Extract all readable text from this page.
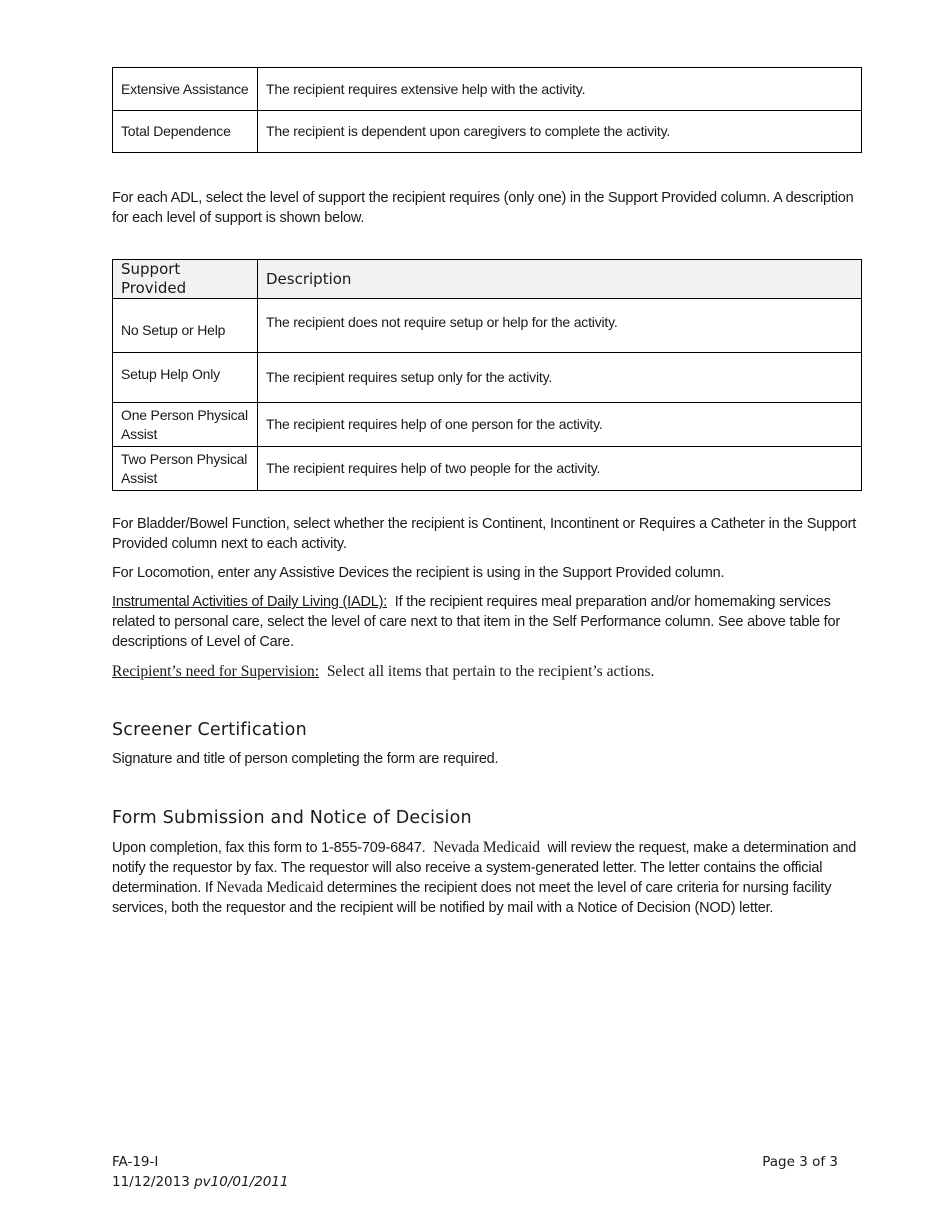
Extensive Assistance	The recipient requires extensive help with the activity.
Total Dependence	The recipient is dependent upon caregivers to complete the activity.

For each ADL, select the level of support the recipient requires (only one) in the Support Provided column. A description for each level of support is shown below.

Support Provided	Description
No Setup or Help	The recipient does not require setup or help for the activity.
Setup Help Only	The recipient requires setup only for the activity.
One Person Physical Assist	The recipient requires help of one person for the activity.
Two Person Physical Assist	The recipient requires help of two people for the activity.

For Bladder/Bowel Function, select whether the recipient is Continent, Incontinent or Requires a Catheter in the Support Provided column next to each activity.

For Locomotion, enter any Assistive Devices the recipient is using in the Support Provided column.

Instrumental Activities of Daily Living (IADL): If the recipient requires meal preparation and/or homemaking services related to personal care, select the level of care next to that item in the Self Performance column. See above table for descriptions of Level of Care.

Recipient’s need for Supervision: Select all items that pertain to the recipient’s actions.

Screener Certification

Signature and title of person completing the form are required.

Form Submission and Notice of Decision

Upon completion, fax this form to 1-855-709-6847. Nevada Medicaid will review the request, make a determination and notify the requestor by fax. The requestor will also receive a system-generated letter. The letter contains the official determination. If Nevada Medicaid determines the recipient does not meet the level of care criteria for nursing facility services, both the requestor and the recipient will be notified by mail with a Notice of Decision (NOD) letter.

FA-19-I
11/12/2013 pv10/01/2011
Page 3 of 3
